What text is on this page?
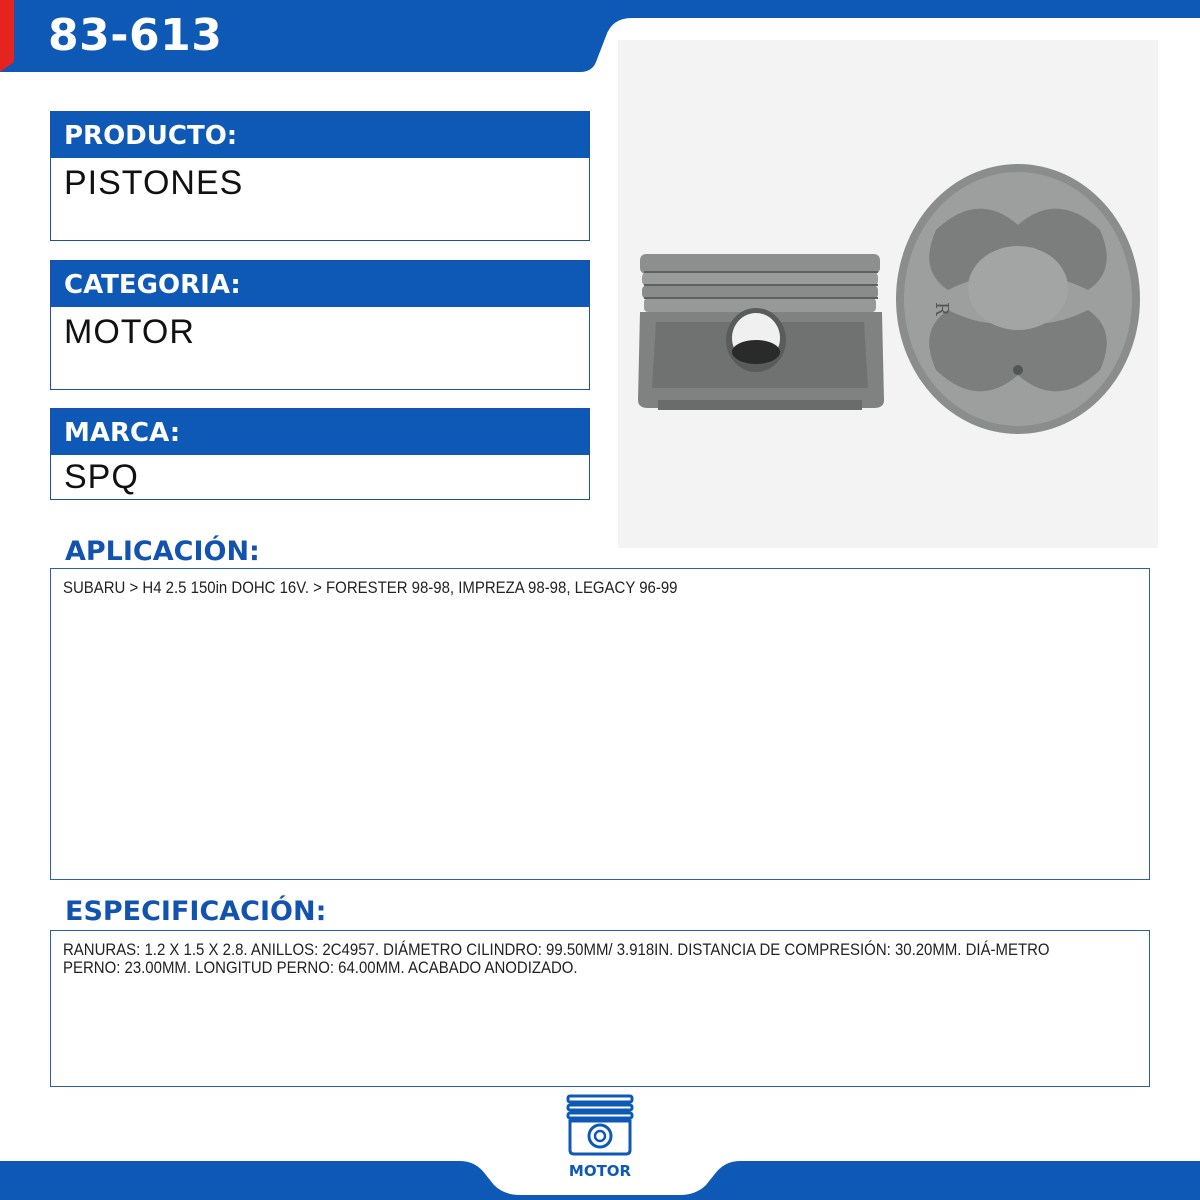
83-613
PRODUCTO:
PISTONES
CATEGORIA:
MOTOR
MARCA:
SPQ
R
APLICACIÓN:
SUBARU > H4 2.5 150in DOHC 16V. > FORESTER 98-98, IMPREZA 98-98, LEGACY 96-99
ESPECIFICACIÓN:
RANURAS: 1.2 X 1.5 X 2.8. ANILLOS: 2C4957. DIÁMETRO CILINDRO: 99.50MM/ 3.918IN. DISTANCIA DE COMPRESIÓN: 30.20MM. DIÁ-METRO PERNO: 23.00MM. LONGITUD PERNO: 64.00MM. ACABADO ANODIZADO.
MOTOR
